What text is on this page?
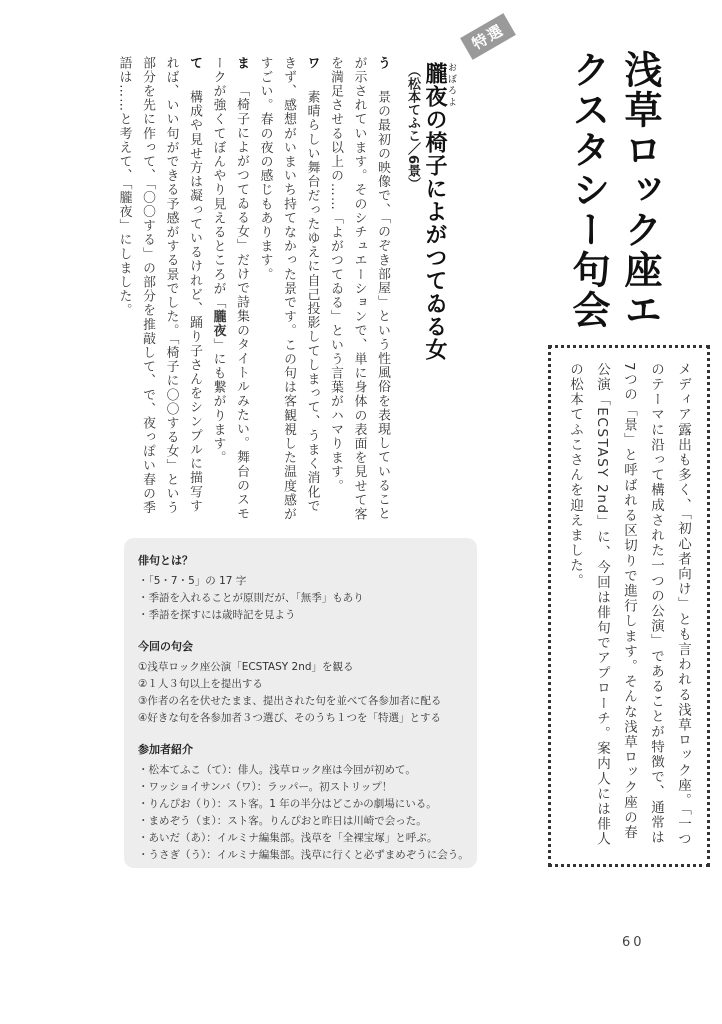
浅草ロック座エクスタシー句会
メディア露出も多く、「初心者向け」とも言われる浅草ロック座。「一つのテーマに沿って構成された一つの公演」であることが特徴で、通常は7つの「景」と呼ばれる区切りで進行します。そんな浅草ロック座の春公演「ECSTASY 2nd」に、今回は俳句でアプローチ。案内人には俳人の松本てふこさんを迎えました。
特選
朧夜おぼろよの椅子によがつてゐる女
（松本てふこ／6景）
う　景の最初の映像で、「のぞき部屋」という性風俗を表現していることが示されています。そのシチュエーションで、単に身体の表面を見せて客を満足させる以上の……「よがつてゐる」という言葉がハマります。
ワ　素晴らしい舞台だったゆえに自己投影してしまって、うまく消化できず、感想がいまいち持てなかった景です。この句は客観視した温度感がすごい。春の夜の感じもあります。
ま　「椅子によがつてゐる女」だけで詩集のタイトルみたい。舞台のスモークが強くてぼんやり見えるところが「朧夜」にも繋がります。
て　構成や見せ方は凝っているけれど、踊り子さんをシンプルに描写すれば、いい句ができる予感がする景でした。「椅子に〇〇する女」という部分を先に作って、「〇〇する」の部分を推敲して、で、夜っぽい春の季語は……と考えて、「朧夜」にしました。
俳句とは？
・「5・7・5」の 17 字
・季語を入れることが原則だが、「無季」もあり
・季語を探すには歳時記を見よう
今回の句会
①浅草ロック座公演「ECSTASY 2nd」を観る
②１人３句以上を提出する
③作者の名を伏せたまま、提出された句を並べて各参加者に配る
④好きな句を各参加者３つ選び、そのうち１つを「特選」とする
参加者紹介
・松本てふこ（て）：俳人。浅草ロック座は今回が初めて。
・ワッショイサンバ（ワ）：ラッパー。初ストリップ！
・りんぴお（り）：スト客。1 年の半分はどこかの劇場にいる。
・まめぞう（ま）：スト客。りんぴおと昨日は川崎で会った。
・あいだ（あ）：イルミナ編集部。浅草を「全裸宝塚」と呼ぶ。
・うさぎ（う）：イルミナ編集部。浅草に行くと必ずまめぞうに会う。
60
